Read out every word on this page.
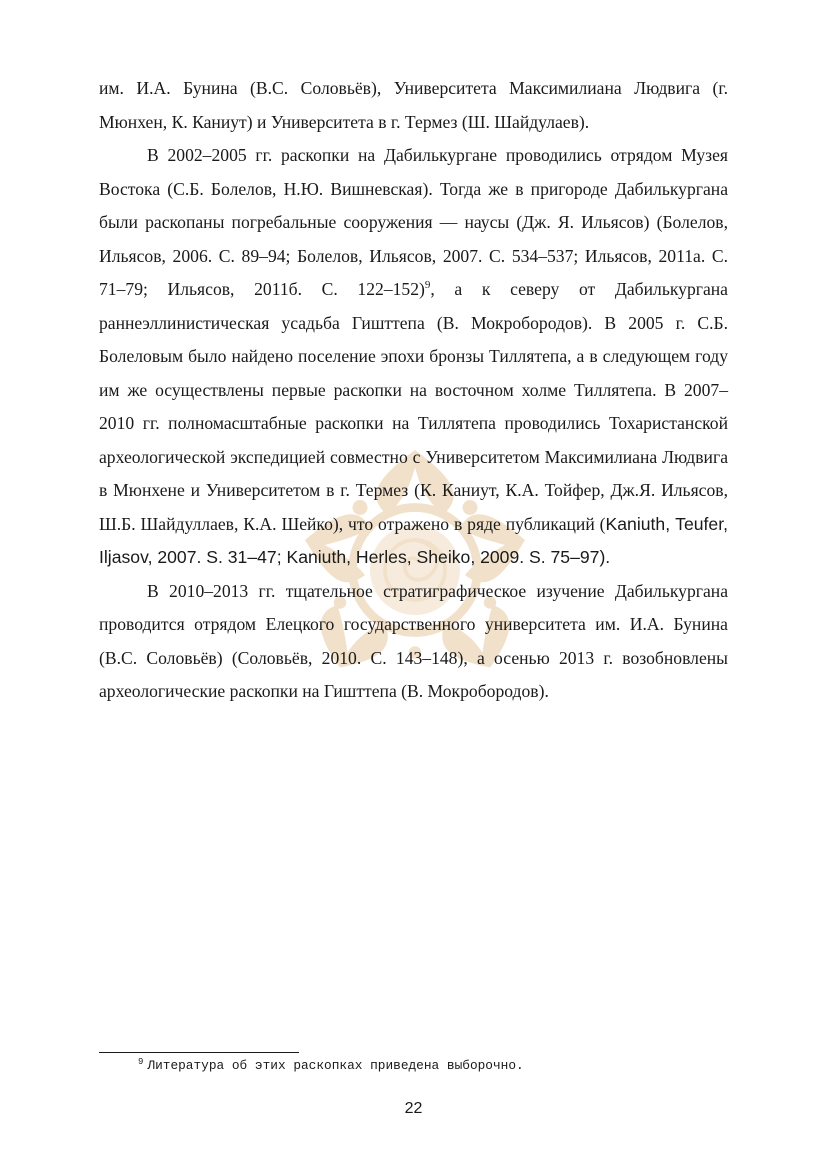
им. И.А. Бунина (В.С. Соловьёв), Университета Максимилиана Людвига (г. Мюнхен, К. Каниут) и Университета в г. Термез (Ш. Шайдулаев).

В 2002–2005 гг. раскопки на Дабилькургане проводились отрядом Музея Востока (С.Б. Болелов, Н.Ю. Вишневская). Тогда же в пригороде Дабилькургана были раскопаны погребальные сооружения — наусы (Дж. Я. Ильясов) (Болелов, Ильясов, 2006. С. 89–94; Болелов, Ильясов, 2007. С. 534–537; Ильясов, 2011а. С. 71–79; Ильясов, 2011б. С. 122–152)$^9$, а к северу от Дабилькургана раннеэллинистическая усадьба Гишттепа (В. Мокробородов). В 2005 г. С.Б. Болеловым было найдено поселение эпохи бронзы Тиллятепа, а в следующем году им же осуществлены первые раскопки на восточном холме Тиллятепа. В 2007–2010 гг. полномасштабные раскопки на Тиллятепа проводились Тохаристанской археологической экспедицией совместно с Университетом Максимилиана Людвига в Мюнхене и Университетом в г. Термез (К. Каниут, К.А. Тойфер, Дж.Я. Ильясов, Ш.Б. Шайдуллаев, К.А. Шейко), что отражено в ряде публикаций (Kaniuth, Teufer, Iljasov, 2007. S. 31–47; Kaniuth, Herles, Sheiko, 2009. S. 75–97).

В 2010–2013 гг. тщательное стратиграфическое изучение Дабилькургана проводится отрядом Елецкого государственного университета им. И.А. Бунина (В.С. Соловьёв) (Соловьёв, 2010. С. 143–148), а осенью 2013 г. возобновлены археологические раскопки на Гишттепа (В. Мокробородов).

$^9$ Литература об этих раскопках приведена выборочно.
22
